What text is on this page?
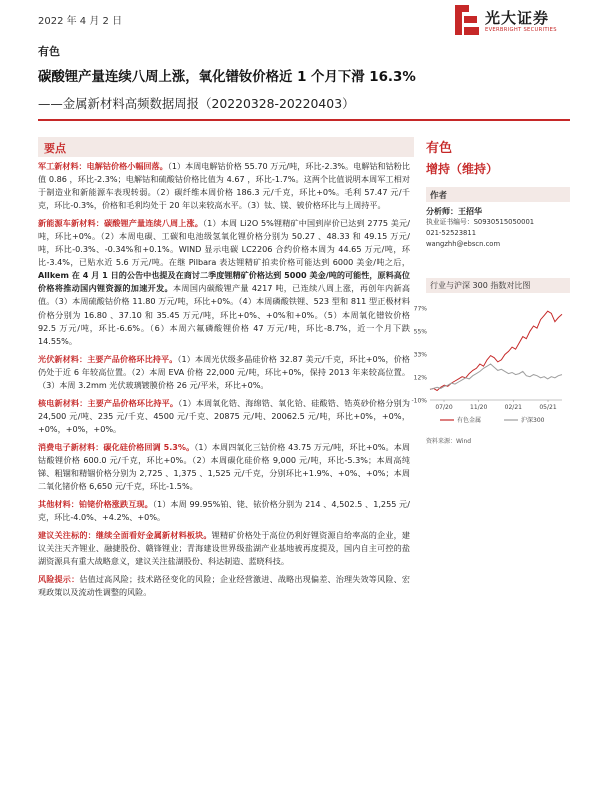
2022 年 4 月 2 日	光大证券
EVERBRIGHT SECURITIES
有色
碳酸锂产量连续八周上涨，氧化镨钕价格近 1 个月下滑 16.3%
——金属新材料高频数据周报（20220328-20220403）
要点
军工新材料：电解钴价格小幅回落。（1）本周电解钴价格 55.70 万元/吨，环比-2.3%。电解钴和钴粉比值 0.86 ，环比-2.3%；电解钴和硫酸钴价格比值为 4.67 ，环比-1.7%。这两个比值说明本周军工相对于制造业和新能源车表现转弱。（2）碳纤维本周价格 186.3 元/千克，环比+0%。毛利 57.47 元/千克，环比-0.3%，价格和毛利均处于 20 年以来较高水平。（3）钛、镁、铍价格环比与上周持平。
新能源车新材料：碳酸锂产量连续八周上涨。（1）本周 Li2O 5%锂精矿中国到岸价已达到 2775 美元/吨，环比+0%。（2）本周电碳、工碳和电池级氢氧化锂价格分别为 50.27 、48.33 和 49.15 万元/吨，环比-0.3%、-0.34%和+0.1%。WIND 显示电碳 LC2206 合约价格本周为 44.65 万元/吨，环比-3.4%，已贴水近 5.6 万元/吨。在继 Pilbara 表达锂精矿拍卖价格可能达到 6000 美金/吨之后，Allkem 在 4 月 1 日的公告中也提及在商讨二季度锂精矿价格达到 5000 美金/吨的可能性，原料高位价格将推动国内锂资源的加速开发。本周国内碳酸锂产量 4217 吨，已连续八周上涨，再创年内新高值。（3）本周硫酸钴价格 11.80 万元/吨，环比+0%。（4）本周磷酸铁锂、523 型和 811 型正极材料价格分别为 16.80 、37.10 和 35.45 万元/吨，环比+0%、+0%和+0%。（5）本周氧化镨钕价格 92.5 万元/吨，环比-6.6%。（6）本周六氟磷酸锂价格 47 万元/吨，环比-8.7%，近一个月下跌 14.55%。
光伏新材料：主要产品价格环比持平。（1）本周光伏级多晶硅价格 32.87 美元/千克，环比+0%，价格仍处于近 6 年较高位置。（2）本周 EVA 价格 22,000 元/吨，环比+0%，保持 2013 年来较高位置。（3）本周 3.2mm 光伏玻璃镀膜价格 26 元/平米，环比+0%。
核电新材料：主要产品价格环比持平。（1）本周氧化锆、海绵锆、氧化铪、硅酸锆、锆英砂价格分别为 24,500 元/吨、235 元/千克、4500 元/千克、20875 元/吨、20062.5 元/吨，环比+0%，+0%，+0%，+0%，+0%。
消费电子新材料：碳化硅价格回调 5.3%。（1）本周四氧化三钴价格 43.75 万元/吨，环比+0%。本周钴酸锂价格 600.0 元/千克，环比+0%。（2）本周碳化硅价格 9,000 元/吨，环比-5.3%；本周高纯锑、粗锢和精锢价格分别为 2,725 、1,375 、1,525 元/千克，分别环比+1.9%、+0%、+0%；本周二氧化锗价格 6,650 元/千克，环比-1.5%。
其他材料：铂铑价格涨跌互现。（1）本周 99.95%铂、铑、铱价格分别为 214 、4,502.5 、1,255 元/克，环比-4.0%、+4.2%、+0%。
建议关注标的：继续全面看好金属新材料板块。锂精矿价格处于高位仍利好锂资源自给率高的企业，建议关注天齐锂业、融捷股份、赣锋锂业；青海建设世界级盐湖产业基地被再度提及，国内自主可控的盐湖资源具有重大战略意义，建议关注盐湖股份、科达制造、蓝晓科技。
风险提示：估值过高风险；技术路径变化的风险；企业经营激进、战略出现偏差、治理失效等风险、宏观政策以及流动性调整的风险。
有色
增持（维持）
作者
分析师：王招华
执业证书编号：S0930515050001
021-52523811
wangzhh@ebscn.com
行业与沪深 300 指数对比图
77%
55%
33%
12%
-10%
07/20	11/20	02/21	05/21
有色金属	沪深300
资料来源：Wind
